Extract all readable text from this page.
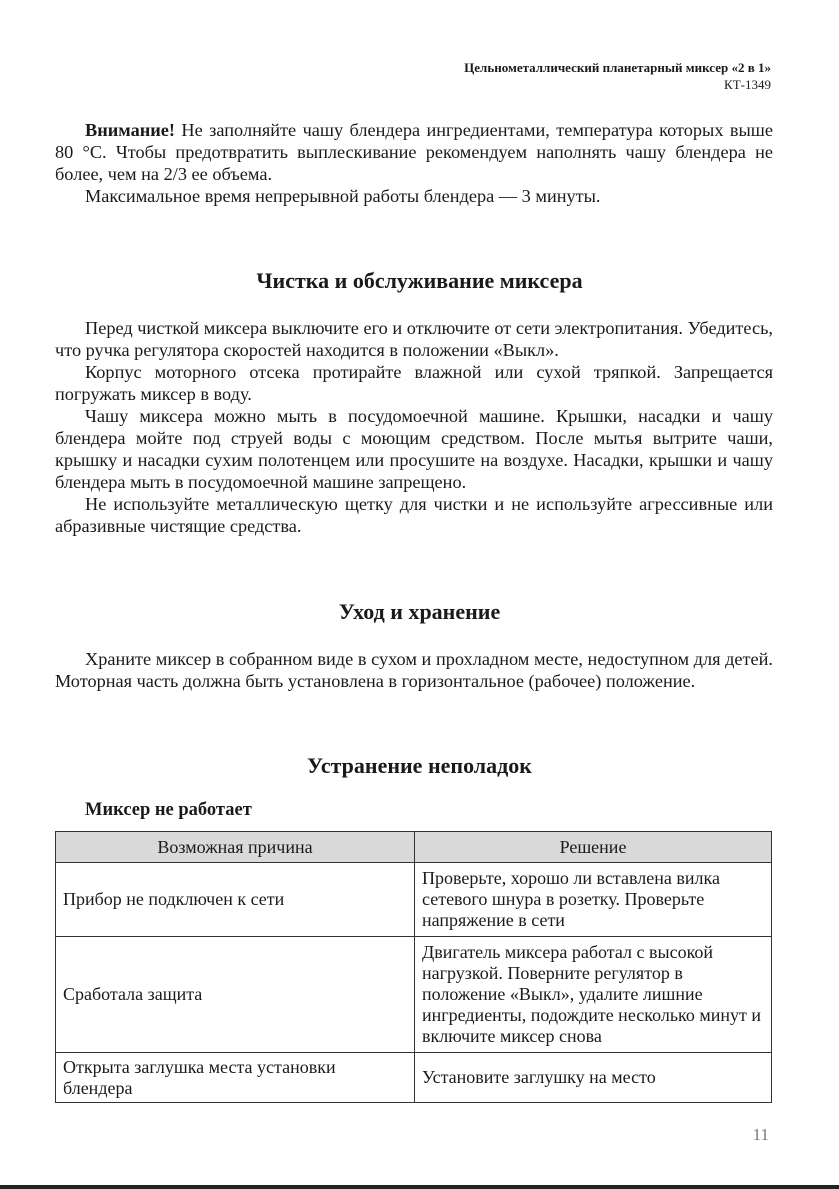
Цельнометаллический планетарный миксер «2 в 1»
КТ-1349

Внимание! Не заполняйте чашу блендера ингредиентами, температура которых выше 80 °С. Чтобы предотвратить выплескивание рекомендуем наполнять чашу блендера не более, чем на 2/3 ее объема.

Максимальное время непрерывной работы блендера — 3 минуты.

Чистка и обслуживание миксера

Перед чисткой миксера выключите его и отключите от сети электропитания. Убедитесь, что ручка регулятора скоростей находится в положении «Выкл».

Корпус моторного отсека протирайте влажной или сухой тряпкой. Запрещается погружать миксер в воду.

Чашу миксера можно мыть в посудомоечной машине. Крышки, насадки и чашу блендера мойте под струей воды с моющим средством. После мытья вытрите чаши, крышку и насадки сухим полотенцем или просушите на воздухе. Насадки, крышки и чашу блендера мыть в посудомоечной машине запрещено.

Не используйте металлическую щетку для чистки и не используйте агрессивные или абразивные чистящие средства.

Уход и хранение

Храните миксер в собранном виде в сухом и прохладном месте, недоступном для детей. Моторная часть должна быть установлена в горизонтальное (рабочее) положение.

Устранение неполадок
Миксер не работает
Возможная причина	Решение
Прибор не подключен к сети	Проверьте, хорошо ли вставлена вилка сетевого шнура в розетку. Проверьте напряжение в сети
Сработала защита	Двигатель миксера работал с высокой нагрузкой. Поверните регулятор в положение «Выкл», удалите лишние ингредиенты, подождите несколько минут и включите миксер снова
Открыта заглушка места установки блендера	Установите заглушку на место
11
